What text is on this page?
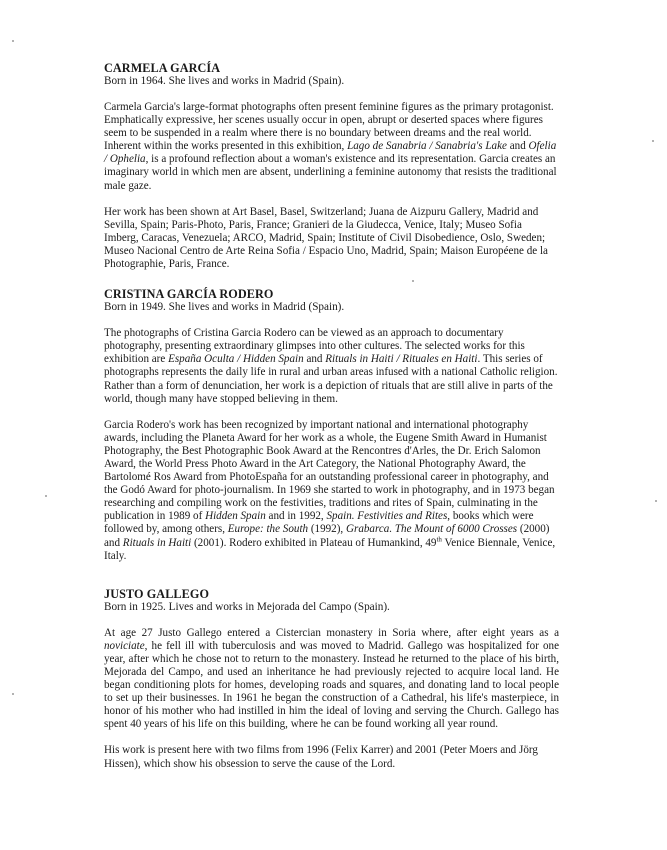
CARMELA GARCÍA
Born in 1964. She lives and works in Madrid (Spain).

Carmela Garcia's large-format photographs often present feminine figures as the primary protagonist. Emphatically expressive, her scenes usually occur in open, abrupt or deserted spaces where figures seem to be suspended in a realm where there is no boundary between dreams and the real world. Inherent within the works presented in this exhibition, Lago de Sanabria / Sanabria's Lake and Ofelia / Ophelia, is a profound reflection about a woman's existence and its representation. Garcia creates an imaginary world in which men are absent, underlining a feminine autonomy that resists the traditional male gaze.

Her work has been shown at Art Basel, Basel, Switzerland; Juana de Aizpuru Gallery, Madrid and Sevilla, Spain; Paris-Photo, Paris, France; Granieri de la Giudecca, Venice, Italy; Museo Sofia Imberg, Caracas, Venezuela; ARCO, Madrid, Spain; Institute of Civil Disobedience, Oslo, Sweden; Museo Nacional Centro de Arte Reina Sofia / Espacio Uno, Madrid, Spain; Maison Européene de la Photographie, Paris, France.

CRISTINA GARCÍA RODERO
Born in 1949. She lives and works in Madrid (Spain).

The photographs of Cristina Garcia Rodero can be viewed as an approach to documentary photography, presenting extraordinary glimpses into other cultures. The selected works for this exhibition are España Oculta / Hidden Spain and Rituals in Haiti / Rituales en Haiti. This series of photographs represents the daily life in rural and urban areas infused with a national Catholic religion. Rather than a form of denunciation, her work is a depiction of rituals that are still alive in parts of the world, though many have stopped believing in them.

Garcia Rodero's work has been recognized by important national and international photography awards, including the Planeta Award for her work as a whole, the Eugene Smith Award in Humanist Photography, the Best Photographic Book Award at the Rencontres d'Arles, the Dr. Erich Salomon Award, the World Press Photo Award in the Art Category, the National Photography Award, the Bartolomé Ros Award from PhotoEspaña for an outstanding professional career in photography, and the Godó Award for photo-journalism. In 1969 she started to work in photography, and in 1973 began researching and compiling work on the festivities, traditions and rites of Spain, culminating in the publication in 1989 of Hidden Spain and in 1992, Spain. Festivities and Rites, books which were followed by, among others, Europe: the South (1992), Grabarca. The Mount of 6000 Crosses (2000) and Rituals in Haiti (2001). Rodero exhibited in Plateau of Humankind, 49th Venice Biennale, Venice, Italy.

JUSTO GALLEGO
Born in 1925. Lives and works in Mejorada del Campo (Spain).

At age 27 Justo Gallego entered a Cistercian monastery in Soria where, after eight years as a noviciate, he fell ill with tuberculosis and was moved to Madrid. Gallego was hospitalized for one year, after which he chose not to return to the monastery. Instead he returned to the place of his birth, Mejorada del Campo, and used an inheritance he had previously rejected to acquire local land. He began conditioning plots for homes, developing roads and squares, and donating land to local people to set up their businesses. In 1961 he began the construction of a Cathedral, his life's masterpiece, in honor of his mother who had instilled in him the ideal of loving and serving the Church. Gallego has spent 40 years of his life on this building, where he can be found working all year round.

His work is present here with two films from 1996 (Felix Karrer) and 2001 (Peter Moers and Jörg Hissen), which show his obsession to serve the cause of the Lord.
